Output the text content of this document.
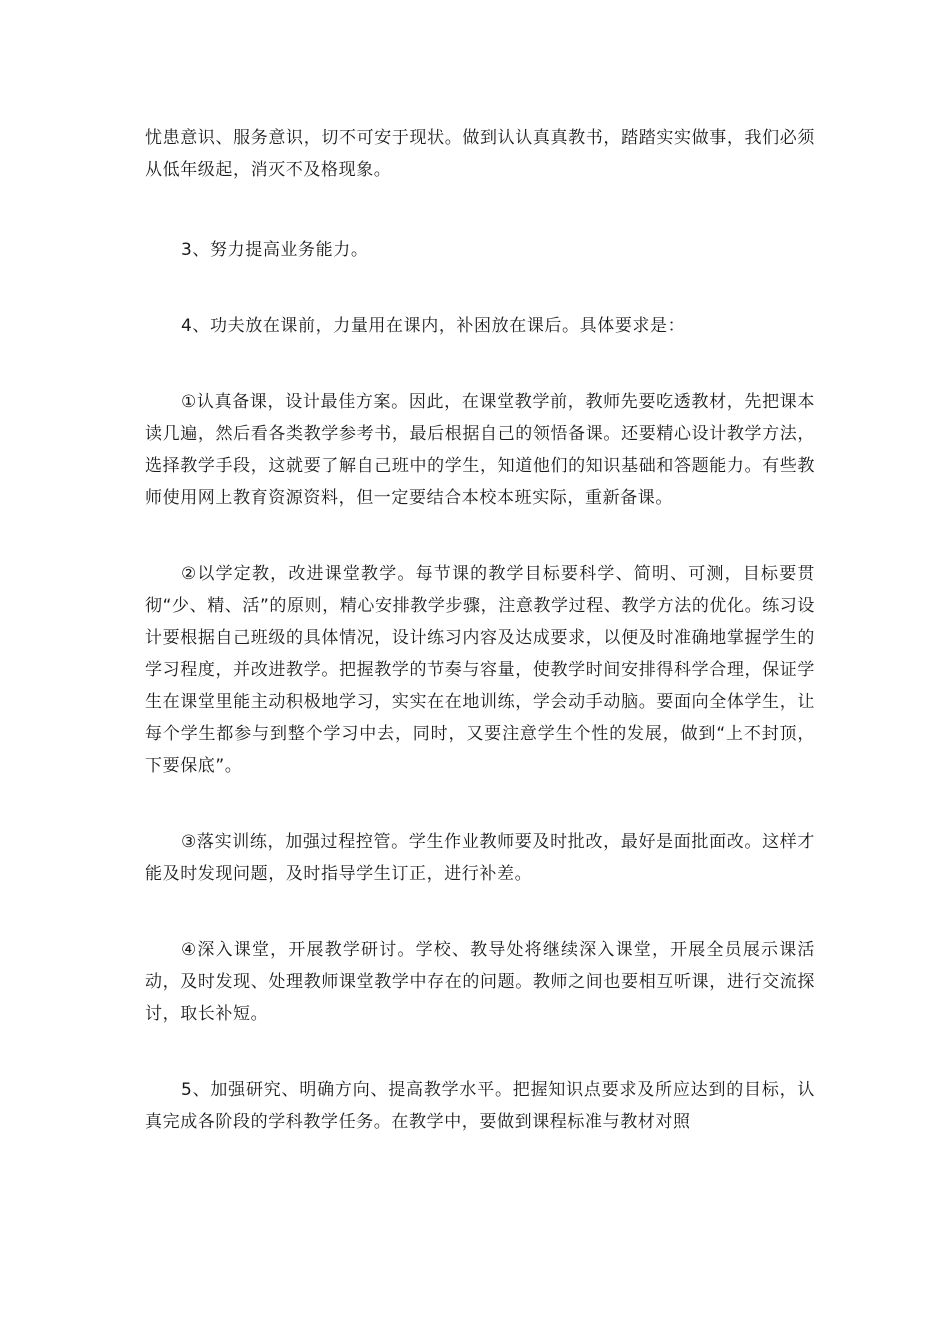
忧患意识、服务意识，切不可安于现状。做到认认真真教书，踏踏实实做事，我们必须从低年级起，消灭不及格现象。

3、努力提高业务能力。

4、功夫放在课前，力量用在课内，补困放在课后。具体要求是：

①认真备课，设计最佳方案。因此，在课堂教学前，教师先要吃透教材，先把课本读几遍，然后看各类教学参考书，最后根据自己的领悟备课。还要精心设计教学方法，选择教学手段，这就要了解自己班中的学生，知道他们的知识基础和答题能力。有些教师使用网上教育资源资料，但一定要结合本校本班实际，重新备课。

②以学定教，改进课堂教学。每节课的教学目标要科学、简明、可测，目标要贯彻“少、精、活”的原则，精心安排教学步骤，注意教学过程、教学方法的优化。练习设计要根据自己班级的具体情况，设计练习内容及达成要求，以便及时准确地掌握学生的学习程度，并改进教学。把握教学的节奏与容量，使教学时间安排得科学合理，保证学生在课堂里能主动积极地学习，实实在在地训练，学会动手动脑。要面向全体学生，让每个学生都参与到整个学习中去，同时，又要注意学生个性的发展，做到“上不封顶，下要保底”。

③落实训练，加强过程控管。学生作业教师要及时批改，最好是面批面改。这样才能及时发现问题，及时指导学生订正，进行补差。

④深入课堂，开展教学研讨。学校、教导处将继续深入课堂，开展全员展示课活动，及时发现、处理教师课堂教学中存在的问题。教师之间也要相互听课，进行交流探讨，取长补短。

5、加强研究、明确方向、提高教学水平。把握知识点要求及所应达到的目标，认真完成各阶段的学科教学任务。在教学中，要做到课程标准与教材对照
